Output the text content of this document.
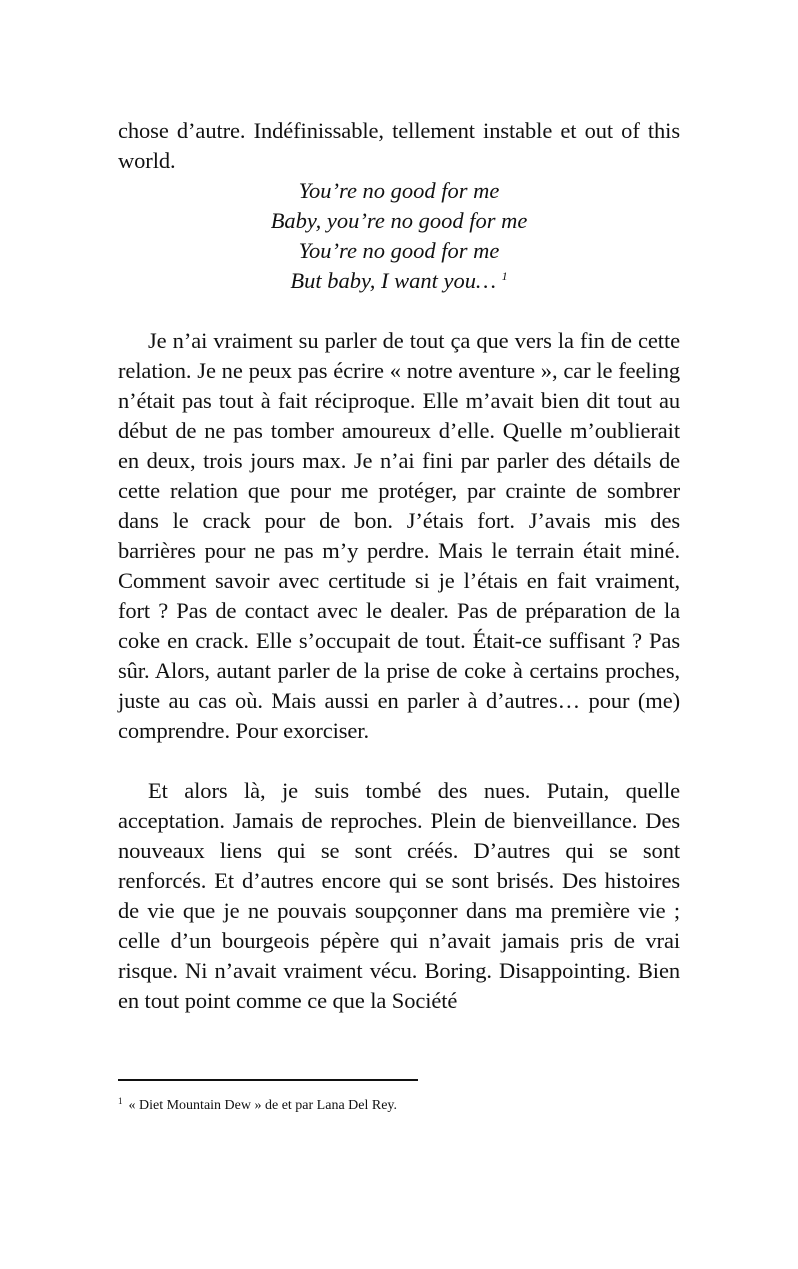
chose d’autre. Indéfinissable, tellement instable et out of this world.

You’re no good for me

Baby, you’re no good for me

You’re no good for me

But baby, I want you… $^1$

Je n’ai vraiment su parler de tout ça que vers la fin de cette relation. Je ne peux pas écrire « notre aventure », car le feeling n’était pas tout à fait réciproque. Elle m’avait bien dit tout au début de ne pas tomber amoureux d’elle. Quelle m’oublierait en deux, trois jours max. Je n’ai fini par parler des détails de cette relation que pour me protéger, par crainte de sombrer dans le crack pour de bon. J’étais fort. J’avais mis des barrières pour ne pas m’y perdre. Mais le terrain était miné. Comment savoir avec certitude si je l’étais en fait vraiment, fort ? Pas de contact avec le dealer. Pas de préparation de la coke en crack. Elle s’occupait de tout. Était-ce suffisant ? Pas sûr. Alors, autant parler de la prise de coke à certains proches, juste au cas où. Mais aussi en parler à d’autres… pour (me) comprendre. Pour exorciser.

Et alors là, je suis tombé des nues. Putain, quelle acceptation. Jamais de reproches. Plein de bienveillance. Des nouveaux liens qui se sont créés. D’autres qui se sont renforcés. Et d’autres encore qui se sont brisés. Des histoires de vie que je ne pouvais soupçonner dans ma première vie ; celle d’un bourgeois pépère qui n’avait jamais pris de vrai risque. Ni n’avait vraiment vécu. Boring. Disappointing. Bien en tout point comme ce que la Société

$^1$ « Diet Mountain Dew » de et par Lana Del Rey.
